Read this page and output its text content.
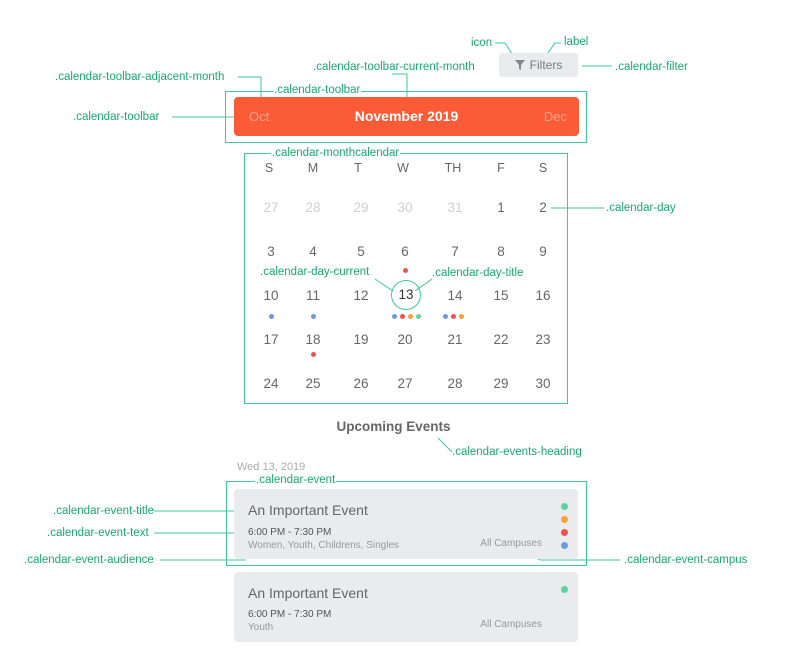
icon	label
.calendar-filter
.calendar-toolbar-current-month
.calendar-toolbar-adjacent-month
.calendar-toolbar
.calendar-toolbar
.calendar-monthcalendar
.calendar-day
.calendar-day-current	.calendar-day-title
.calendar-events-heading
.calendar-event
.calendar-event-title
.calendar-event-text
.calendar-event-audience	.calendar-event-campus
Filters
Oct	November 2019	Dec
S	M	T	W	TH	F	S
27	28	29	30	31	1	2
3	4	5	6	7	8	9
10	11	12	13	14	15	16
17	18	19	20	21	22	23
24	25	26	27	28	29	30
Upcoming Events
Wed 13, 2019
An Important Event
6:00 PM - 7:30 PM
Women, Youth, Childrens, Singles	All Campuses
An Important Event
6:00 PM - 7:30 PM
Youth	All Campuses
